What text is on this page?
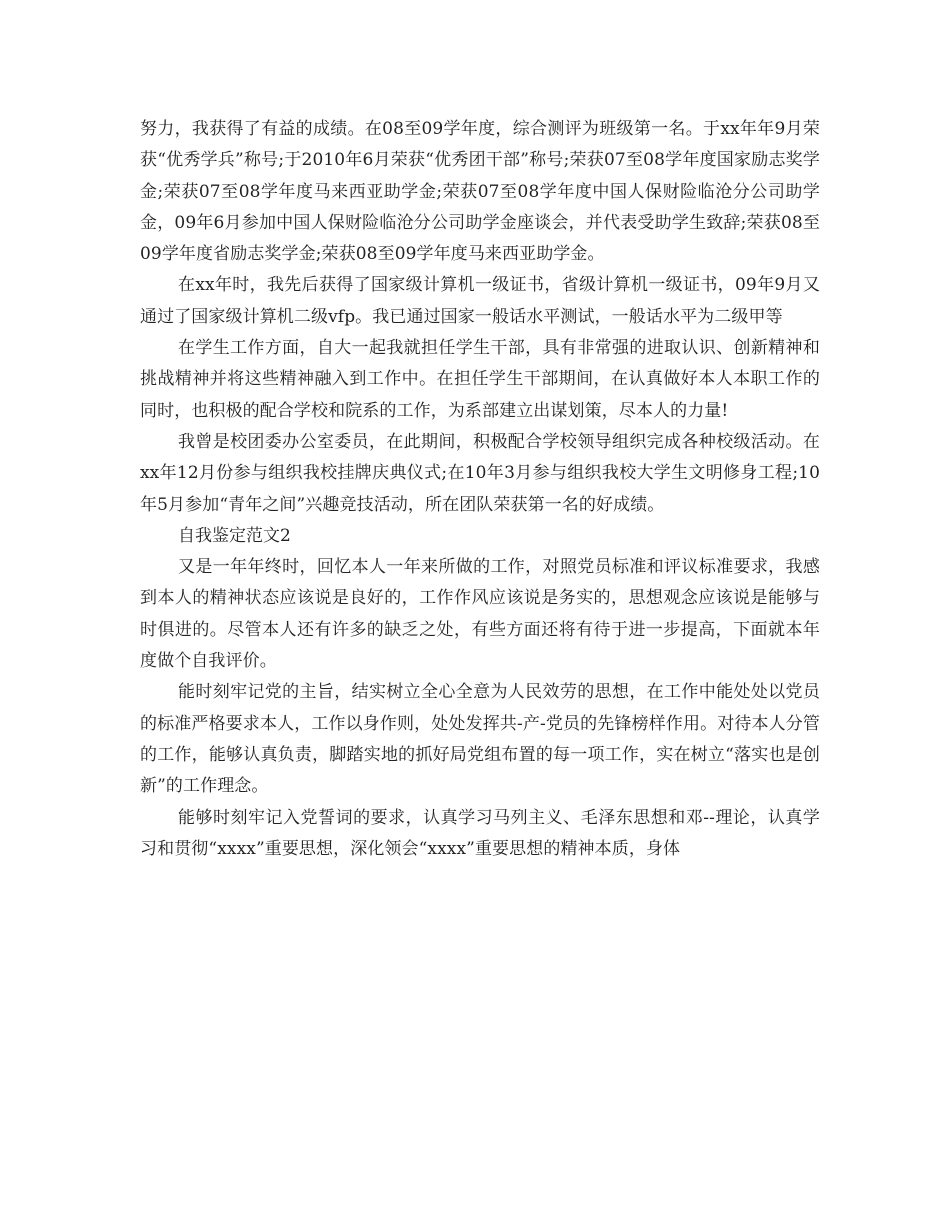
努力，我获得了有益的成绩。在08至09学年度，综合测评为班级第一名。于xx年年9月荣获“优秀学兵”称号;于2010年6月荣获“优秀团干部”称号;荣获07至08学年度国家励志奖学金;荣获07至08学年度马来西亚助学金;荣获07至08学年度中国人保财险临沧分公司助学金，09年6月参加中国人保财险临沧分公司助学金座谈会，并代表受助学生致辞;荣获08至09学年度省励志奖学金;荣获08至09学年度马来西亚助学金。

在xx年时，我先后获得了国家级计算机一级证书，省级计算机一级证书，09年9月又通过了国家级计算机二级vfp。我已通过国家一般话水平测试，一般话水平为二级甲等

在学生工作方面，自大一起我就担任学生干部，具有非常强的进取认识、创新精神和挑战精神并将这些精神融入到工作中。在担任学生干部期间，在认真做好本人本职工作的同时，也积极的配合学校和院系的工作，为系部建立出谋划策，尽本人的力量!

我曾是校团委办公室委员，在此期间，积极配合学校领导组织完成各种校级活动。在xx年12月份参与组织我校挂牌庆典仪式;在10年3月参与组织我校大学生文明修身工程;10年5月参加“青年之间”兴趣竞技活动，所在团队荣获第一名的好成绩。

自我鉴定范文2

又是一年年终时，回忆本人一年来所做的工作，对照党员标准和评议标准要求，我感到本人的精神状态应该说是良好的，工作作风应该说是务实的，思想观念应该说是能够与时俱进的。尽管本人还有许多的缺乏之处，有些方面还将有待于进一步提高，下面就本年度做个自我评价。

能时刻牢记党的主旨，结实树立全心全意为人民效劳的思想，在工作中能处处以党员的标准严格要求本人，工作以身作则，处处发挥共-产-党员的先锋榜样作用。对待本人分管的工作，能够认真负责，脚踏实地的抓好局党组布置的每一项工作，实在树立“落实也是创新”的工作理念。

能够时刻牢记入党誓词的要求，认真学习马列主义、毛泽东思想和邓--理论，认真学习和贯彻“xxxx”重要思想，深化领会“xxxx”重要思想的精神本质，身体
